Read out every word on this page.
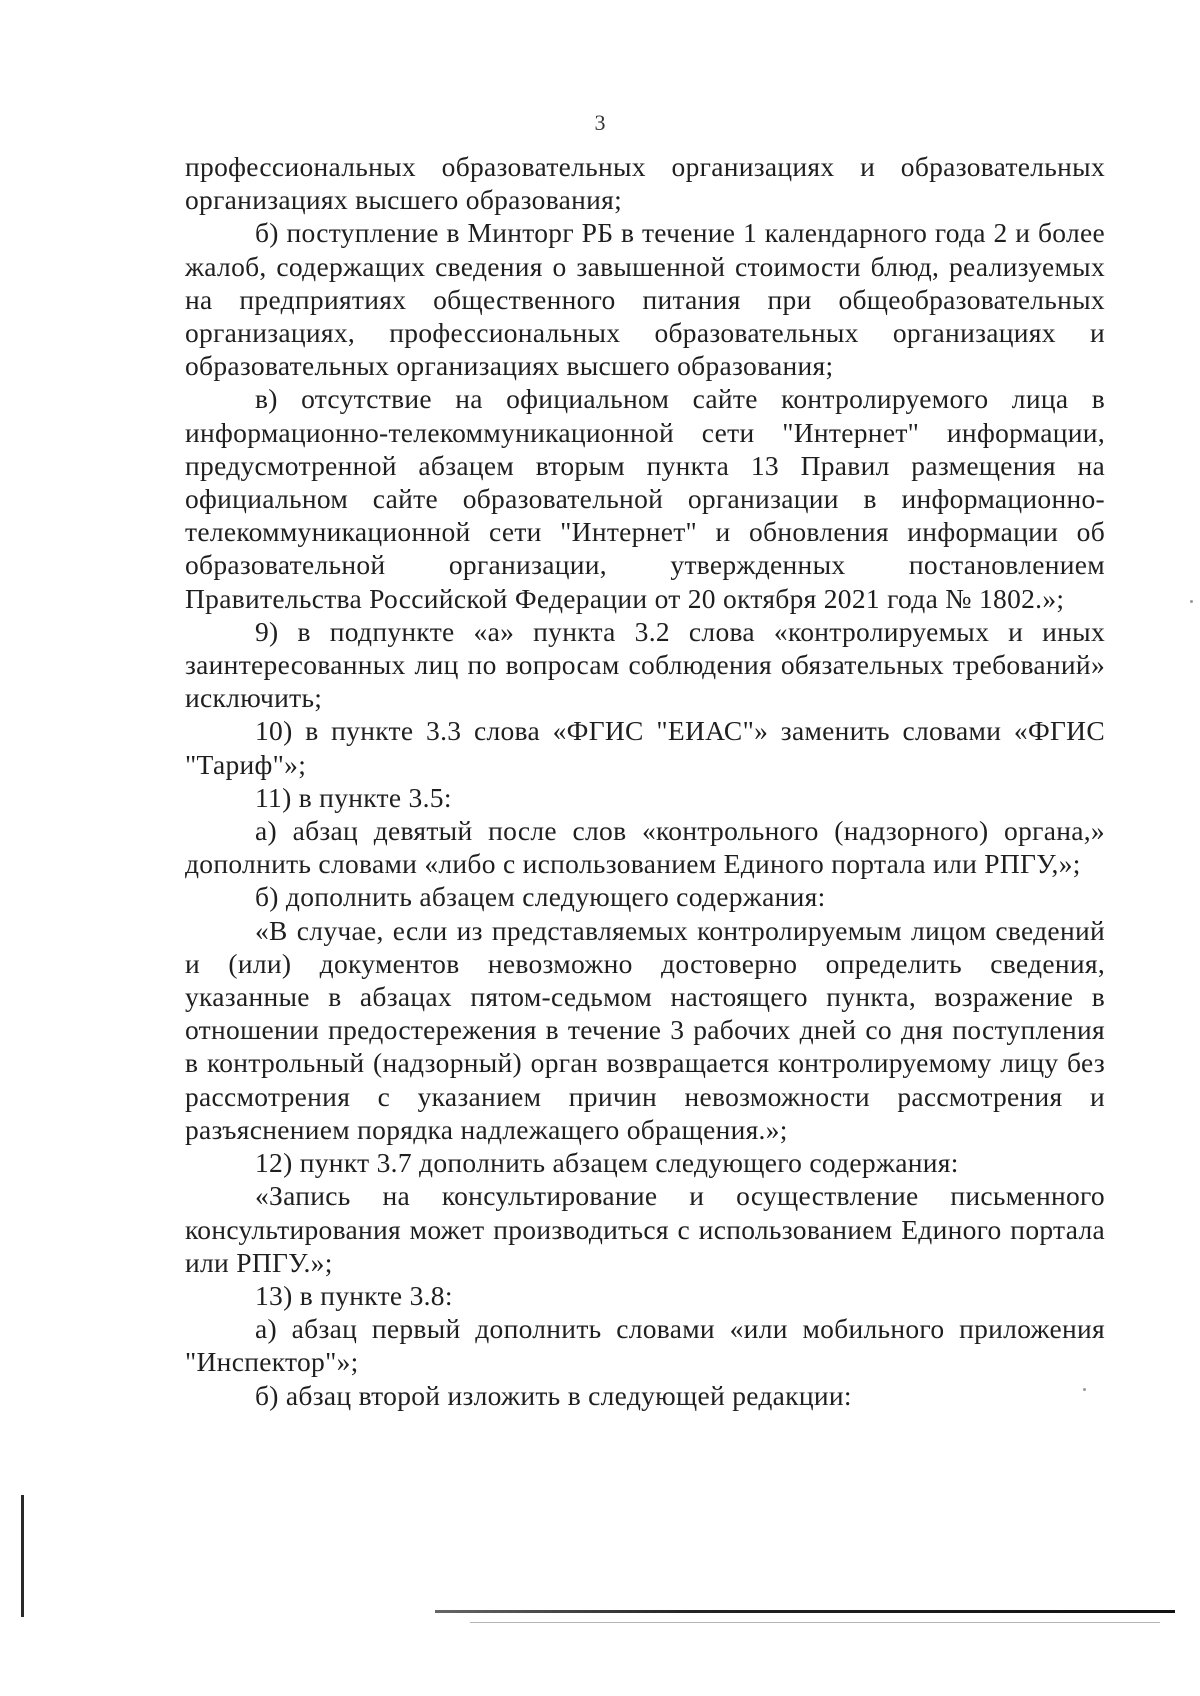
3

профессиональных образовательных организациях и образовательных организациях высшего образования;

б) поступление в Минторг РБ в течение 1 календарного года 2 и более жалоб, содержащих сведения о завышенной стоимости блюд, реализуемых на предприятиях общественного питания при общеобразовательных организациях, профессиональных образовательных организациях и образовательных организациях высшего образования;

в) отсутствие на официальном сайте контролируемого лица в информационно-телекоммуникационной сети "Интернет" информации, предусмотренной абзацем вторым пункта 13 Правил размещения на официальном сайте образовательной организации в информационно-телекоммуникационной сети "Интернет" и обновления информации об образовательной организации, утвержденных постановлением Правительства Российской Федерации от 20 октября 2021 года № 1802.»;

9) в подпункте «а» пункта 3.2 слова «контролируемых и иных заинтересованных лиц по вопросам соблюдения обязательных требований» исключить;

10) в пункте 3.3 слова «ФГИС "ЕИАС"» заменить словами «ФГИС "Тариф"»;

11) в пункте 3.5:

а) абзац девятый после слов «контрольного (надзорного) органа,» дополнить словами «либо с использованием Единого портала или РПГУ,»;

б) дополнить абзацем следующего содержания:

«В случае, если из представляемых контролируемым лицом сведений и (или) документов невозможно достоверно определить сведения, указанные в абзацах пятом-седьмом настоящего пункта, возражение в отношении предостережения в течение 3 рабочих дней со дня поступления в контрольный (надзорный) орган возвращается контролируемому лицу без рассмотрения с указанием причин невозможности рассмотрения и разъяснением порядка надлежащего обращения.»;

12) пункт 3.7 дополнить абзацем следующего содержания:

«Запись на консультирование и осуществление письменного консультирования может производиться с использованием Единого портала или РПГУ.»;

13) в пункте 3.8:

а) абзац первый дополнить словами «или мобильного приложения "Инспектор"»;

б) абзац второй изложить в следующей редакции:
